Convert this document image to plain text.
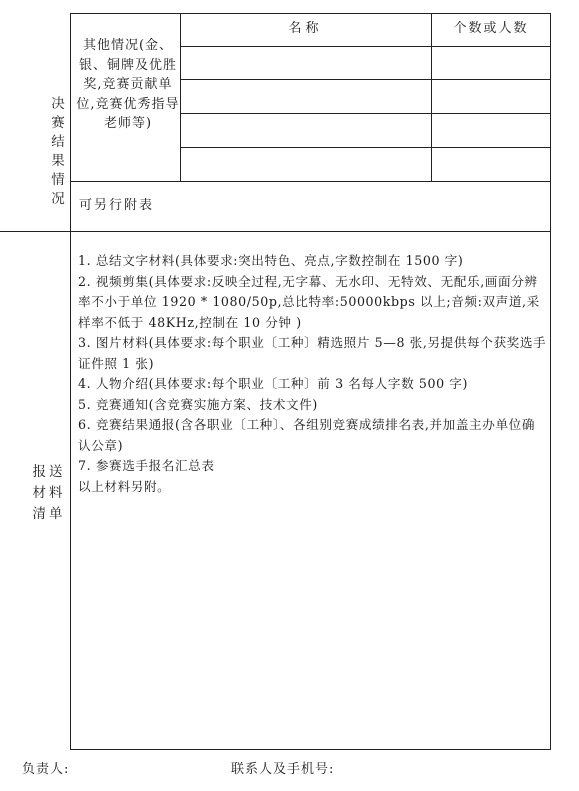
决赛结果情况
其他情况(金、银、铜牌及优胜奖,竞赛贡献单位,竞赛优秀指导老师等)
名称	个数或人数
可另行附表
报送材料清单
1. 总结文字材料(具体要求:突出特色、亮点,字数控制在 1500 字)
2. 视频剪集(具体要求:反映全过程,无字幕、无水印、无特效、无配乐,画面分辨率不小于单位 1920 * 1080/50p,总比特率:50000kbps 以上;音频:双声道,采样率不低于 48KHz,控制在 10 分钟 )
3. 图片材料(具体要求:每个职业〔工种〕精选照片 5—8 张,另提供每个获奖选手证件照 1 张)
4. 人物介绍(具体要求:每个职业〔工种〕前 3 名每人字数 500 字)
5. 竞赛通知(含竞赛实施方案、技术文件)
6. 竞赛结果通报(含各职业〔工种〕、各组别竞赛成绩排名表,并加盖主办单位确认公章)
7. 参赛选手报名汇总表
以上材料另附。
负责人:	联系人及手机号:
